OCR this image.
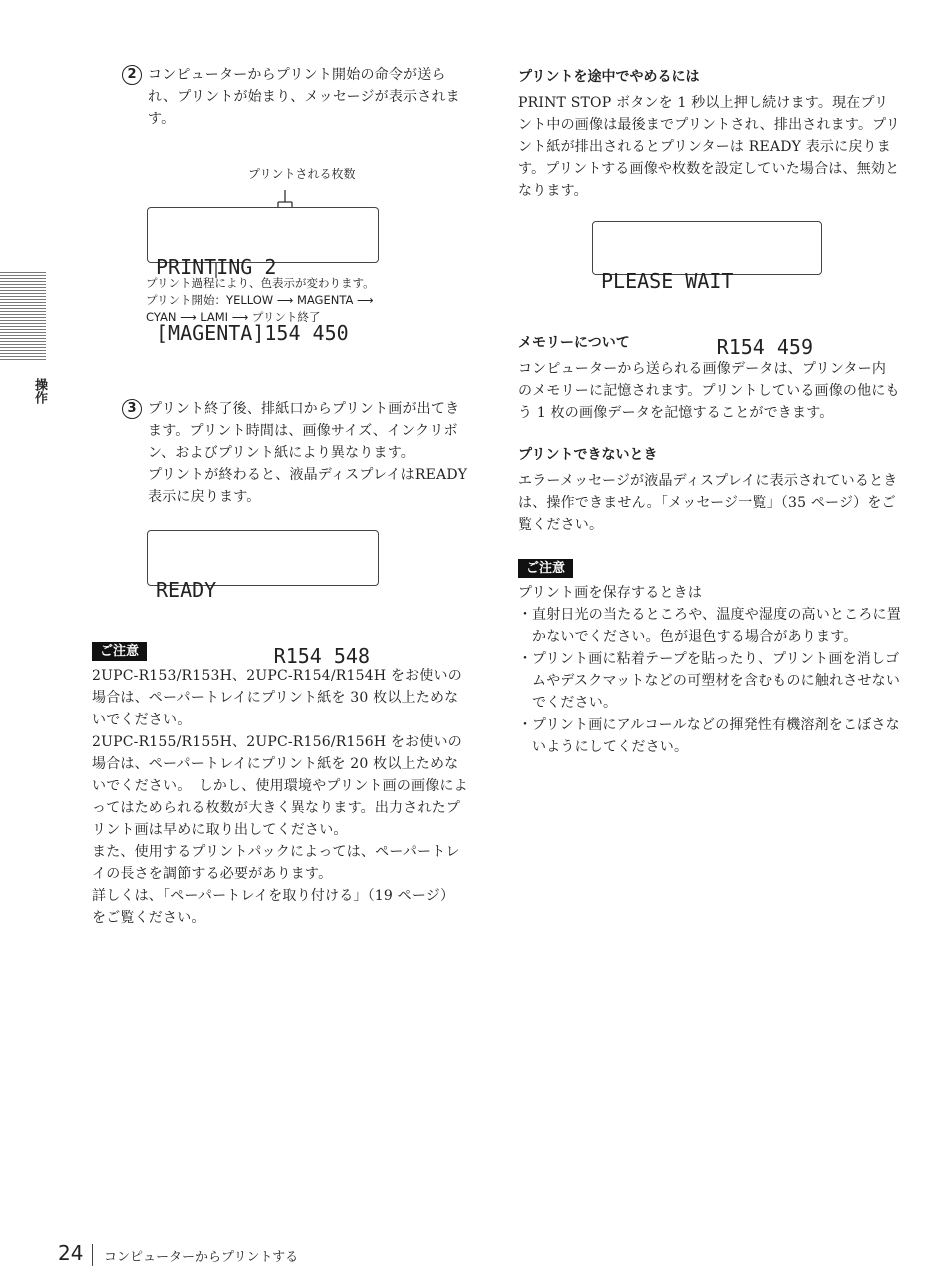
操作
2 コンピューターからプリント開始の命令が送られ、プリントが始まり、メッセージが表示されます。
プリントされる枚数

PRINTING 2

[MAGENTA]154 450

プリント過程により、色表示が変わります。
プリント開始：YELLOW ⟶ MAGENTA ⟶
CYAN ⟶ LAMI ⟶ プリント終了
3 プリント終了後、排紙口からプリント画が出てきます。プリント時間は、画像サイズ、インクリボン、およびプリント紙により異なります。
プリントが終わると、液晶ディスプレイはREADY 表示に戻ります。

READY

R154 548

ご注意
2UPC-R153/R153H、2UPC-R154/R154H をお使いの場合は、ペーパートレイにプリント紙を 30 枚以上ためないでください。
2UPC-R155/R155H、2UPC-R156/R156H をお使いの場合は、ペーパートレイにプリント紙を 20 枚以上ためないでください。　しかし、使用環境やプリント画の画像によってはためられる枚数が大きく異なります。出力されたプリント画は早めに取り出してください。
また、使用するプリントパックによっては、ペーパートレイの長さを調節する必要があります。
詳しくは、「ペーパートレイを取り付ける」（19 ページ）をご覧ください。
プリントを途中でやめるには
PRINT STOP ボタンを 1 秒以上押し続けます。現在プリント中の画像は最後までプリントされ、排出されます。プリント紙が排出されるとプリンターは READY 表示に戻ります。プリントする画像や枚数を設定していた場合は、無効となります。

PLEASE WAIT

R154 459

メモリーについて
コンピューターから送られる画像データは、プリンター内のメモリーに記憶されます。プリントしている画像の他にもう 1 枚の画像データを記憶することができます。
プリントできないとき
エラーメッセージが液晶ディスプレイに表示されているときは、操作できません。「メッセージ一覧」（35 ページ）をご覧ください。
ご注意
プリント画を保存するときは
・ 直射日光の当たるところや、温度や湿度の高いところに置かないでください。色が退色する場合があります。
・ プリント画に粘着テープを貼ったり、プリント画を消しゴムやデスクマットなどの可塑材を含むものに触れさせないでください。
・ プリント画にアルコールなどの揮発性有機溶剤をこぼさないようにしてください。
24 コンピューターからプリントする
